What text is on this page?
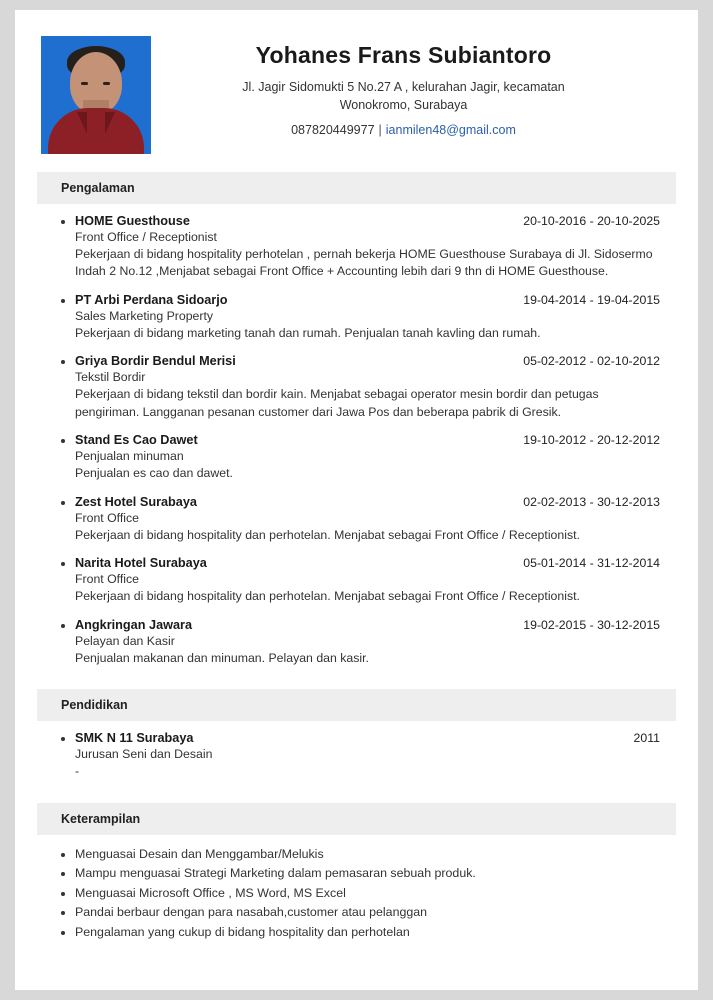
Yohanes Frans Subiantoro
Jl. Jagir Sidomukti 5 No.27 A , kelurahan Jagir, kecamatan
Wonokromo, Surabaya
087820449977 | ianmilen48@gmail.com
Pengalaman
HOME Guesthouse	20-10-2016 - 20-10-2025
Front Office / Receptionist
Pekerjaan di bidang hospitality perhotelan , pernah bekerja HOME Guesthouse Surabaya di Jl. Sidosermo Indah 2 No.12 ,Menjabat sebagai Front Office + Accounting lebih dari 9 thn di HOME Guesthouse.
PT Arbi Perdana Sidoarjo	19-04-2014 - 19-04-2015
Sales Marketing Property
Pekerjaan di bidang marketing tanah dan rumah. Penjualan tanah kavling dan rumah.
Griya Bordir Bendul Merisi	05-02-2012 - 02-10-2012
Tekstil Bordir
Pekerjaan di bidang tekstil dan bordir kain. Menjabat sebagai operator mesin bordir dan petugas pengiriman. Langganan pesanan customer dari Jawa Pos dan beberapa pabrik di Gresik.
Stand Es Cao Dawet	19-10-2012 - 20-12-2012
Penjualan minuman
Penjualan es cao dan dawet.
Zest Hotel Surabaya	02-02-2013 - 30-12-2013
Front Office
Pekerjaan di bidang hospitality dan perhotelan. Menjabat sebagai Front Office / Receptionist.
Narita Hotel Surabaya	05-01-2014 - 31-12-2014
Front Office
Pekerjaan di bidang hospitality dan perhotelan. Menjabat sebagai Front Office / Receptionist.
Angkringan Jawara	19-02-2015 - 30-12-2015
Pelayan dan Kasir
Penjualan makanan dan minuman. Pelayan dan kasir.
Pendidikan
SMK N 11 Surabaya	2011
Jurusan Seni dan Desain
-
Keterampilan
Menguasai Desain dan Menggambar/Melukis
Mampu menguasai Strategi Marketing dalam pemasaran sebuah produk.
Menguasai Microsoft Office , MS Word, MS Excel
Pandai berbaur dengan para nasabah,customer atau pelanggan
Pengalaman yang cukup di bidang hospitality dan perhotelan
